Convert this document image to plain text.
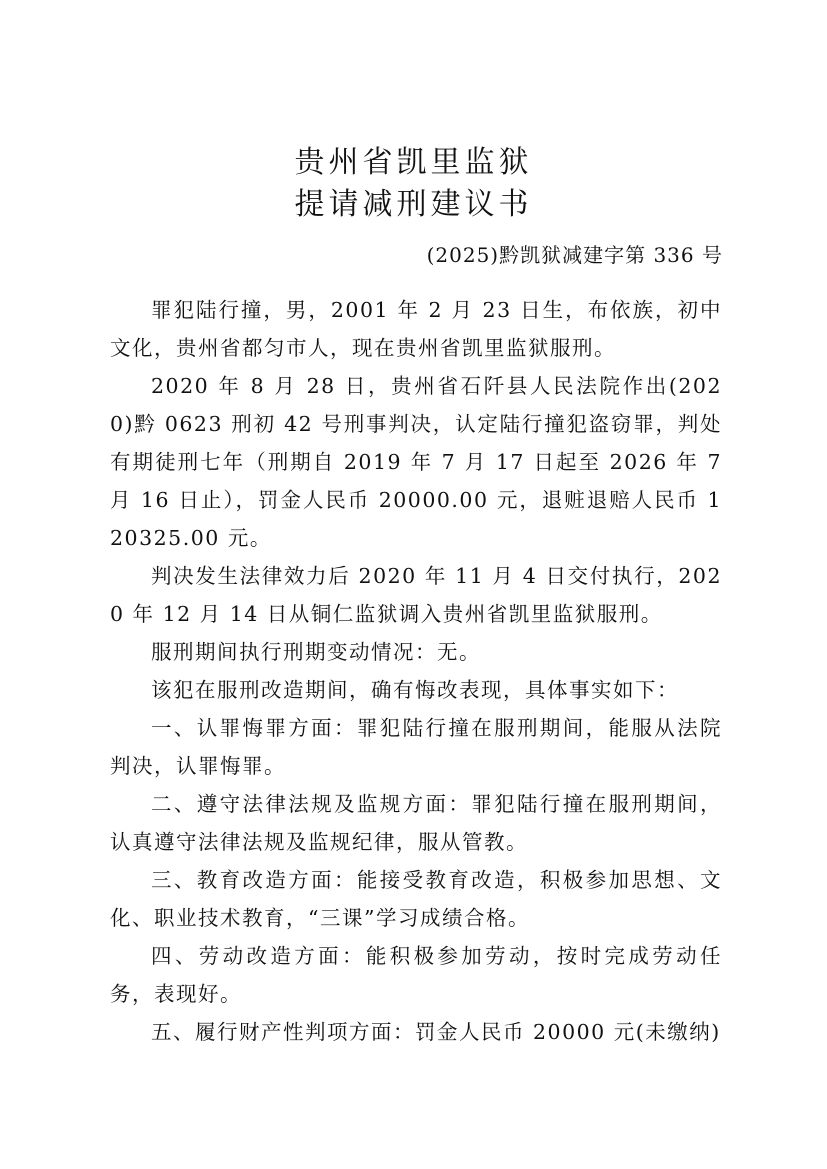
贵州省凯里监狱
提请减刑建议书
(2025)黔凯狱减建字第 336 号

罪犯陆行撞，男，2001 年 2 月 23 日生，布依族，初中文化，贵州省都匀市人，现在贵州省凯里监狱服刑。

2020 年 8 月 28 日，贵州省石阡县人民法院作出(2020)黔 0623 刑初 42 号刑事判决，认定陆行撞犯盗窃罪，判处有期徒刑七年（刑期自 2019 年 7 月 17 日起至 2026 年 7 月 16 日止），罚金人民币 20000.00 元，退赃退赔人民币 120325.00 元。

判决发生法律效力后 2020 年 11 月 4 日交付执行，2020 年 12 月 14 日从铜仁监狱调入贵州省凯里监狱服刑。

服刑期间执行刑期变动情况：无。

该犯在服刑改造期间，确有悔改表现，具体事实如下：

一、认罪悔罪方面：罪犯陆行撞在服刑期间，能服从法院判决，认罪悔罪。

二、遵守法律法规及监规方面：罪犯陆行撞在服刑期间，认真遵守法律法规及监规纪律，服从管教。

三、教育改造方面：能接受教育改造，积极参加思想、文化、职业技术教育，“三课”学习成绩合格。

四、劳动改造方面：能积极参加劳动，按时完成劳动任务，表现好。

五、履行财产性判项方面：罚金人民币 20000 元(未缴纳)
